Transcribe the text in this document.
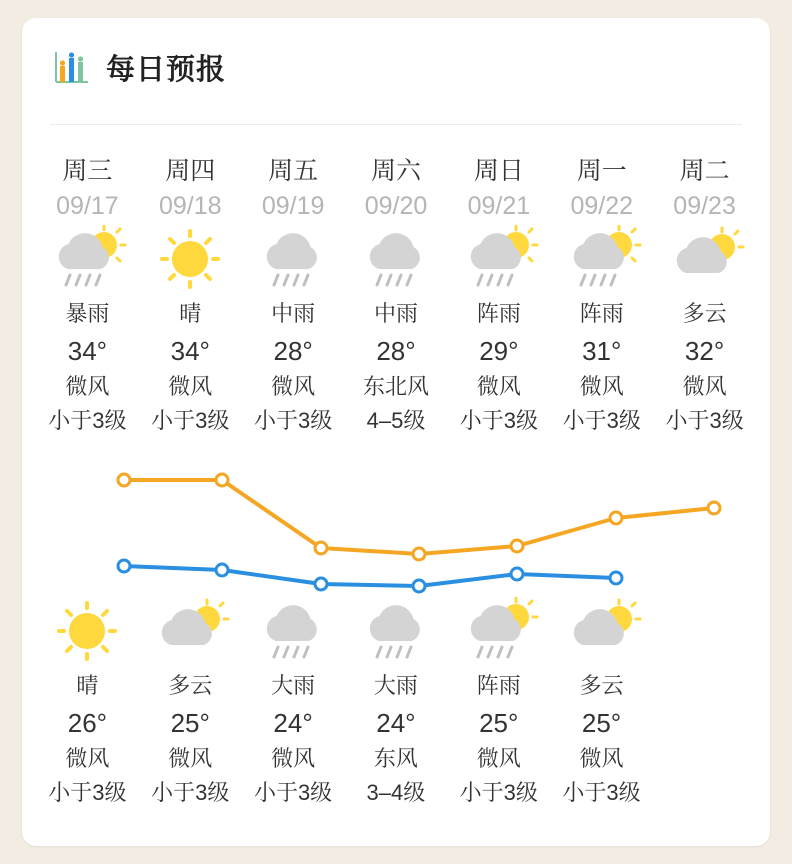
每日预报
周三	周四	周五	周六	周日	周一	周二
09/17	09/18	09/19	09/20	09/21	09/22	09/23
暴雨	晴	中雨	中雨	阵雨	阵雨	多云
34°	34°	28°	28°	29°	31°	32°
微风	微风	微风	东北风	微风	微风	微风
小于3级	小于3级	小于3级	4–5级	小于3级	小于3级	小于3级
晴	多云	大雨	大雨	阵雨	多云
26°	25°	24°	24°	25°	25°
微风	微风	微风	东风	微风	微风
小于3级	小于3级	小于3级	3–4级	小于3级	小于3级
